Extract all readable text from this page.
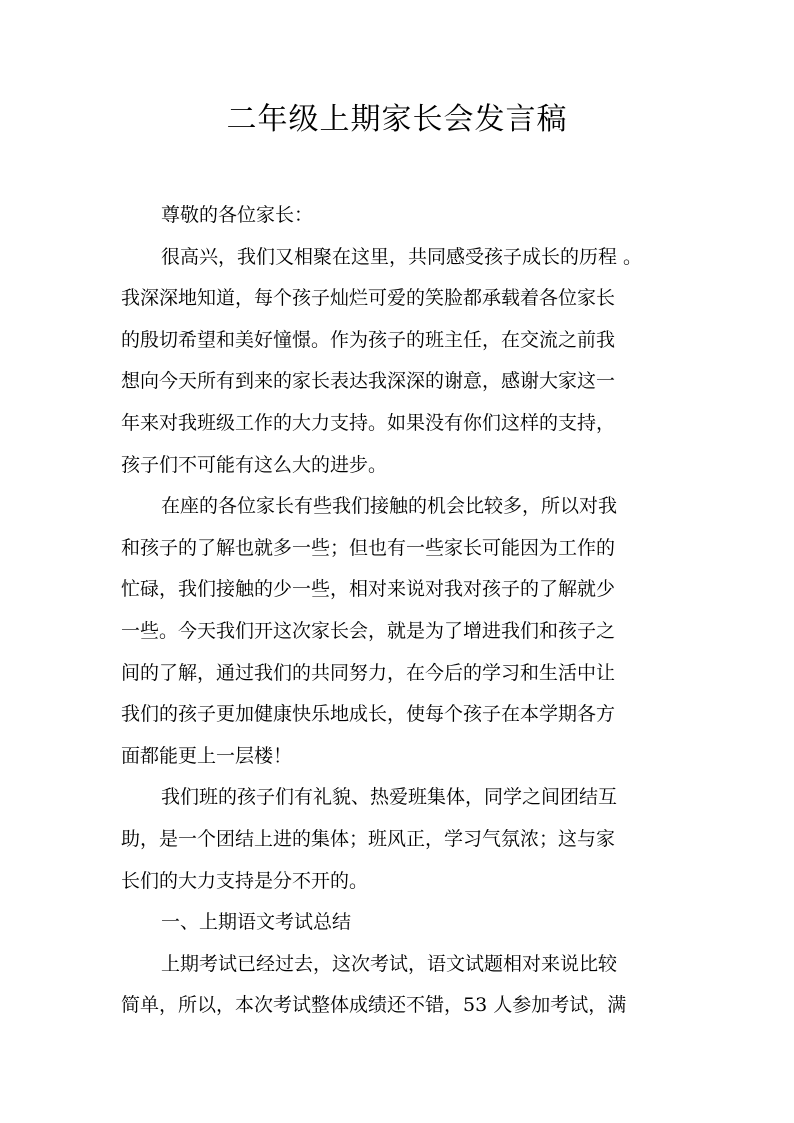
二年级上期家长会发言稿
尊敬的各位家长：
很高兴，我们又相聚在这里，共同感受孩子成长的历程 。
我深深地知道，每个孩子灿烂可爱的笑脸都承载着各位家长
的殷切希望和美好憧憬。作为孩子的班主任，在交流之前我
想向今天所有到来的家长表达我深深的谢意，感谢大家这一
年来对我班级工作的大力支持。如果没有你们这样的支持，
孩子们不可能有这么大的进步。
在座的各位家长有些我们接触的机会比较多，所以对我
和孩子的了解也就多一些；但也有一些家长可能因为工作的
忙碌，我们接触的少一些，相对来说对我对孩子的了解就少
一些。今天我们开这次家长会，就是为了增进我们和孩子之
间的了解，通过我们的共同努力，在今后的学习和生活中让
我们的孩子更加健康快乐地成长，使每个孩子在本学期各方
面都能更上一层楼！
我们班的孩子们有礼貌、热爱班集体，同学之间团结互
助，是一个团结上进的集体；班风正，学习气氛浓；这与家
长们的大力支持是分不开的。
一、上期语文考试总结
上期考试已经过去，这次考试，语文试题相对来说比较
简单，所以，本次考试整体成绩还不错，53 人参加考试，满
